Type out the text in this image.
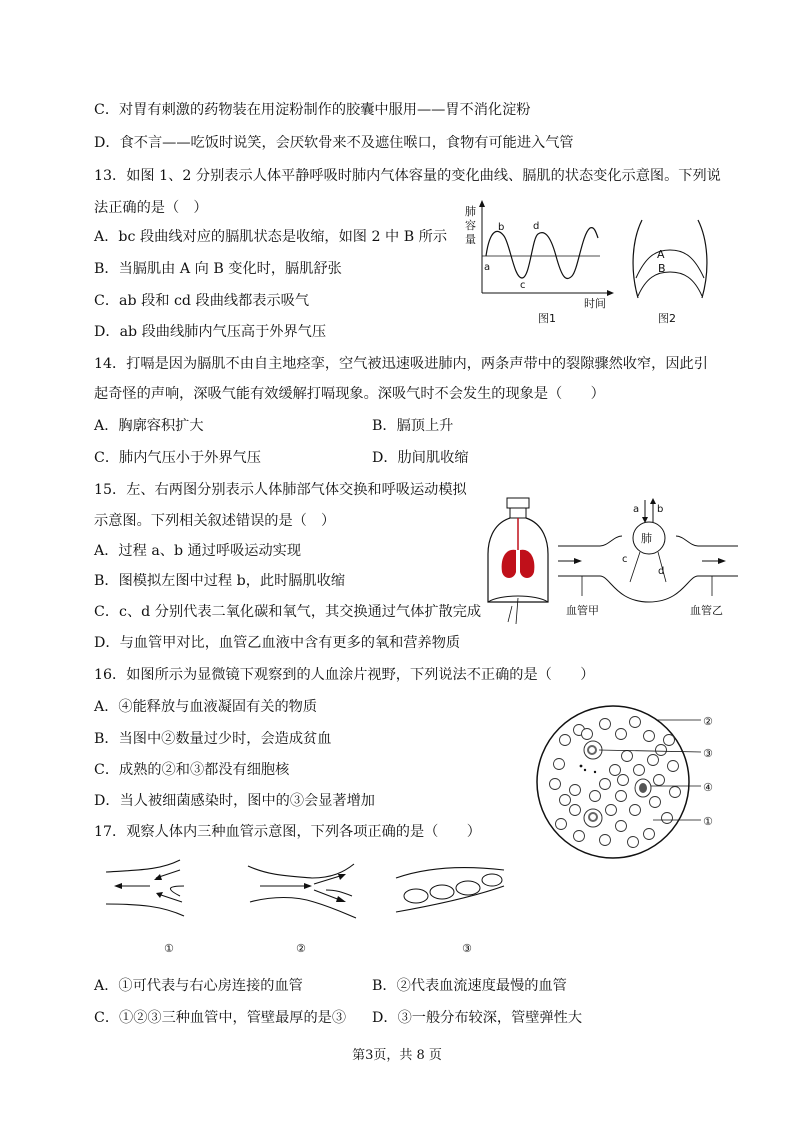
C．对胃有刺激的药物装在用淀粉制作的胶囊中服用——胃不消化淀粉
D．食不言——吃饭时说笑，会厌软骨来不及遮住喉口，食物有可能进入气管
13．如图 1、2 分别表示人体平静呼吸时肺内气体容量的变化曲线、膈肌的状态变化示意图。下列说
法正确的是（　）
A．bc 段曲线对应的膈肌状态是收缩，如图 2 中 B 所示
B．当膈肌由 A 向 B 变化时，膈肌舒张
C．ab 段和 cd 段曲线都表示吸气
D．ab 段曲线肺内气压高于外界气压
14．打嗝是因为膈肌不由自主地痉挛，空气被迅速吸进肺内，两条声带中的裂隙骤然收窄，因此引
起奇怪的声响，深吸气能有效缓解打嗝现象。深吸气时不会发生的现象是（　　）
A．胸廓容积扩大	B．膈顶上升
C．肺内气压小于外界气压	D．肋间肌收缩
15．左、右两图分别表示人体肺部气体交换和呼吸运动模拟
示意图。下列相关叙述错误的是（　）
A．过程 a、b 通过呼吸运动实现
B．图模拟左图中过程 b，此时膈肌收缩
C．c、d 分别代表二氧化碳和氧气，其交换通过气体扩散完成
D．与血管甲对比，血管乙血液中含有更多的氧和营养物质
16．如图所示为显微镜下观察到的人血涂片视野，下列说法不正确的是（　　）
A．④能释放与血液凝固有关的物质
B．当图中②数量过少时，会造成贫血
C．成熟的②和③都没有细胞核
D．当人被细菌感染时，图中的③会显著增加
17．观察人体内三种血管示意图，下列各项正确的是（　　）
A．①可代表与右心房连接的血管	B．②代表血流速度最慢的血管
C．①②③三种血管中，管壁最厚的是③ D．③一般分布较深，管壁弹性大
肺
容
量
时间
a
b
c
d
图1
A
B
图2
肺
a b
c
d
血管甲	血管乙
②
③
④
①
①	②	③
第3页，共 8 页
